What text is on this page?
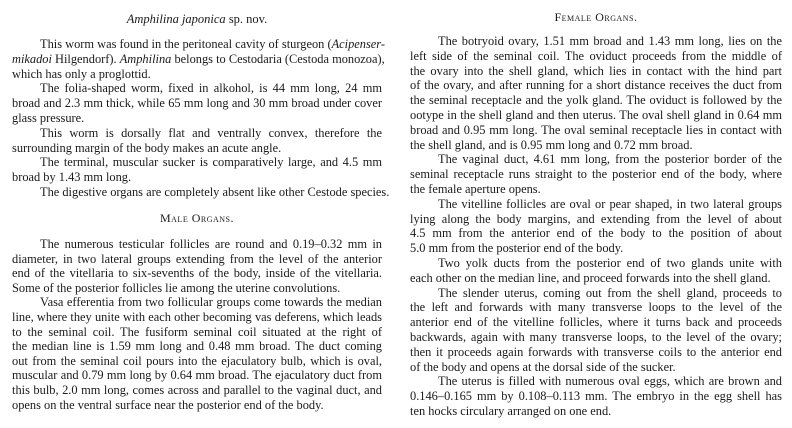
Amphilina japonica sp. nov.
This worm was found in the peritoneal cavity of sturgeon (Acipenser-
mikadoi Hilgendorf). Amphilina belongs to Cestodaria (Cestoda monozoa),
which has only a proglottid.
The folia-shaped worm, fixed in alkohol, is 44 mm long, 24 mm
broad and 2.3 mm thick, while 65 mm long and 30 mm broad under cover
glass pressure.
This worm is dorsally flat and ventrally convex, therefore the
surrounding margin of the body makes an acute angle.
The terminal, muscular sucker is comparatively large, and 4.5 mm
broad by 1.43 mm long.
The digestive organs are completely absent like other Cestode species.
Male Organs.
The numerous testicular follicles are round and 0.19–0.32 mm in
diameter, in two lateral groups extending from the level of the anterior
end of the vitellaria to six-sevenths of the body, inside of the vitellaria.
Some of the posterior follicles lie among the uterine convolutions.
Vasa efferentia from two follicular groups come towards the median
line, where they unite with each other becoming vas deferens, which leads
to the seminal coil. The fusiform seminal coil situated at the right of
the median line is 1.59 mm long and 0.48 mm broad. The duct coming
out from the seminal coil pours into the ejaculatory bulb, which is oval,
muscular and 0.79 mm long by 0.64 mm broad. The ejaculatory duct from
this bulb, 2.0 mm long, comes across and parallel to the vaginal duct, and
opens on the ventral surface near the posterior end of the body.
Female Organs.
The botryoid ovary, 1.51 mm broad and 1.43 mm long, lies on the
left side of the seminal coil. The oviduct proceeds from the middle of
the ovary into the shell gland, which lies in contact with the hind part
of the ovary, and after running for a short distance receives the duct from
the seminal receptacle and the yolk gland. The oviduct is followed by the
ootype in the shell gland and then uterus. The oval shell gland in 0.64 mm
broad and 0.95 mm long. The oval seminal receptacle lies in contact with
the shell gland, and is 0.95 mm long and 0.72 mm broad.
The vaginal duct, 4.61 mm long, from the posterior border of the
seminal receptacle runs straight to the posterior end of the body, where
the female aperture opens.
The vitelline follicles are oval or pear shaped, in two lateral groups
lying along the body margins, and extending from the level of about
4.5 mm from the anterior end of the body to the position of about
5.0 mm from the posterior end of the body.
Two yolk ducts from the posterior end of two glands unite with
each other on the median line, and proceed forwards into the shell gland.
The slender uterus, coming out from the shell gland, proceeds to
the left and forwards with many transverse loops to the level of the
anterior end of the vitelline follicles, where it turns back and proceeds
backwards, again with many transverse loops, to the level of the ovary;
then it proceeds again forwards with transverse coils to the anterior end
of the body and opens at the dorsal side of the sucker.
The uterus is filled with numerous oval eggs, which are brown and
0.146–0.165 mm by 0.108–0.113 mm. The embryo in the egg shell has
ten hocks circulary arranged on one end.
